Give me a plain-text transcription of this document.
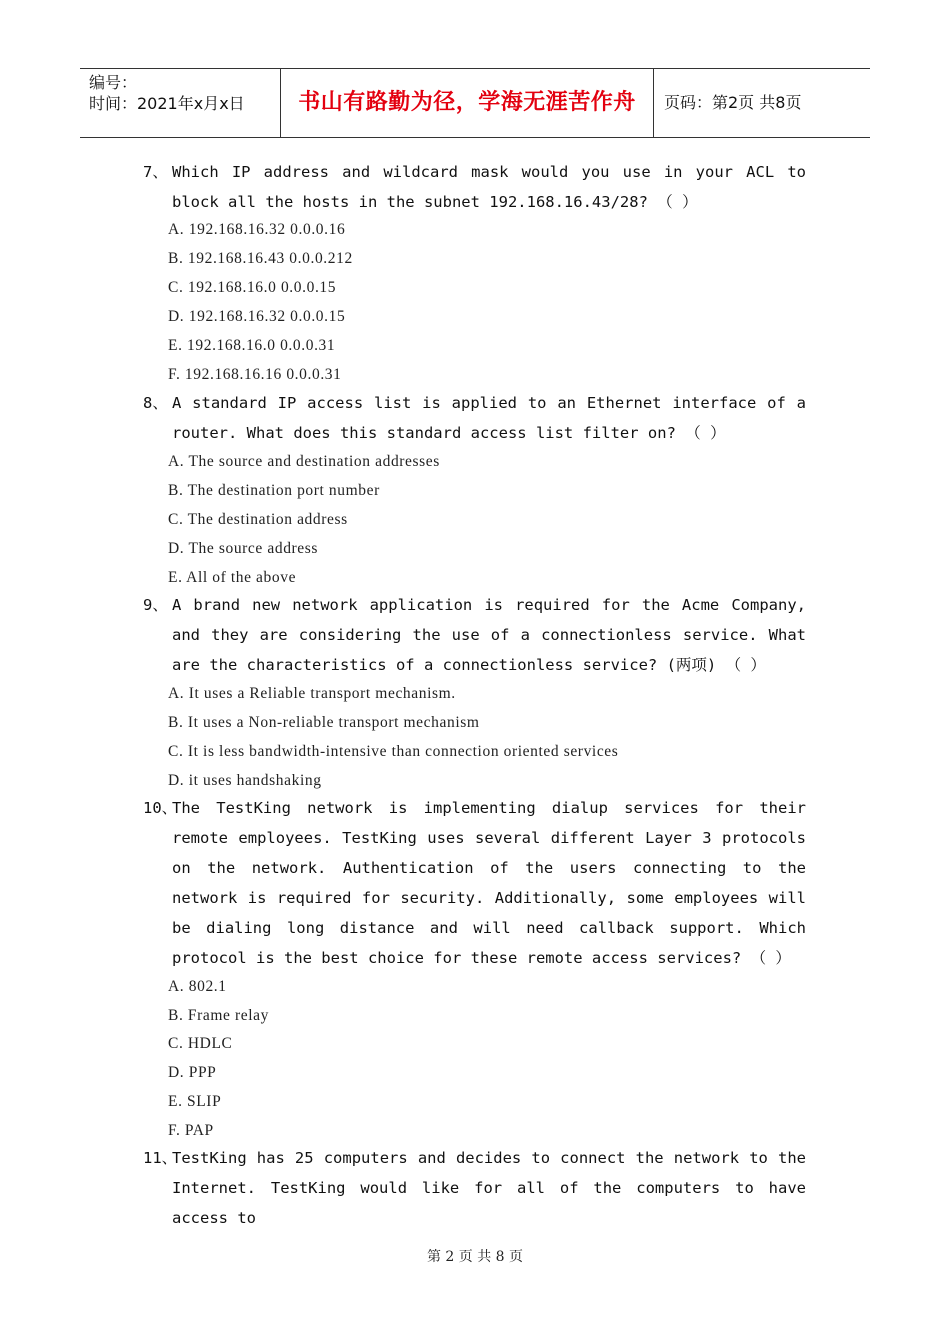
编号：
时间：2021年x月x日	书山有路勤为径，学海无涯苦作舟	页码：第2页 共8页
7、 Which IP address and wildcard mask would you use in your ACL to block all the hosts in the subnet 192.168.16.43/28? （ ）
A. 192.168.16.32 0.0.0.16
B. 192.168.16.43 0.0.0.212
C. 192.168.16.0 0.0.0.15
D. 192.168.16.32 0.0.0.15
E. 192.168.16.0 0.0.0.31
F. 192.168.16.16 0.0.0.31
8、 A standard IP access list is applied to an Ethernet interface of a router. What does this standard access list filter on? （ ）
A. The source and destination addresses
B. The destination port number
C. The destination address
D. The source address
E. All of the above
9、 A brand new network application is required for the Acme Company, and they are considering the use of a connectionless service. What are the characteristics of a connectionless service? (两项) （ ）
A. It uses a Reliable transport mechanism.
B. It uses a Non-reliable transport mechanism
C. It is less bandwidth-intensive than connection oriented services
D. it uses handshaking
10、
The TestKing network is implementing dialup services for their remote employees. TestKing uses several different Layer 3 protocols on the network. Authentication of the users connecting to the network is required for security. Additionally, some employees will be dialing long distance and will need callback support. Which protocol is the best choice for these remote access services? （ ）
A. 802.1
B. Frame relay
C. HDLC
D. PPP
E. SLIP
F. PAP
11、
TestKing has 25 computers and decides to connect the network to the Internet. TestKing would like for all of the computers to have access to
第 2 页 共 8 页
